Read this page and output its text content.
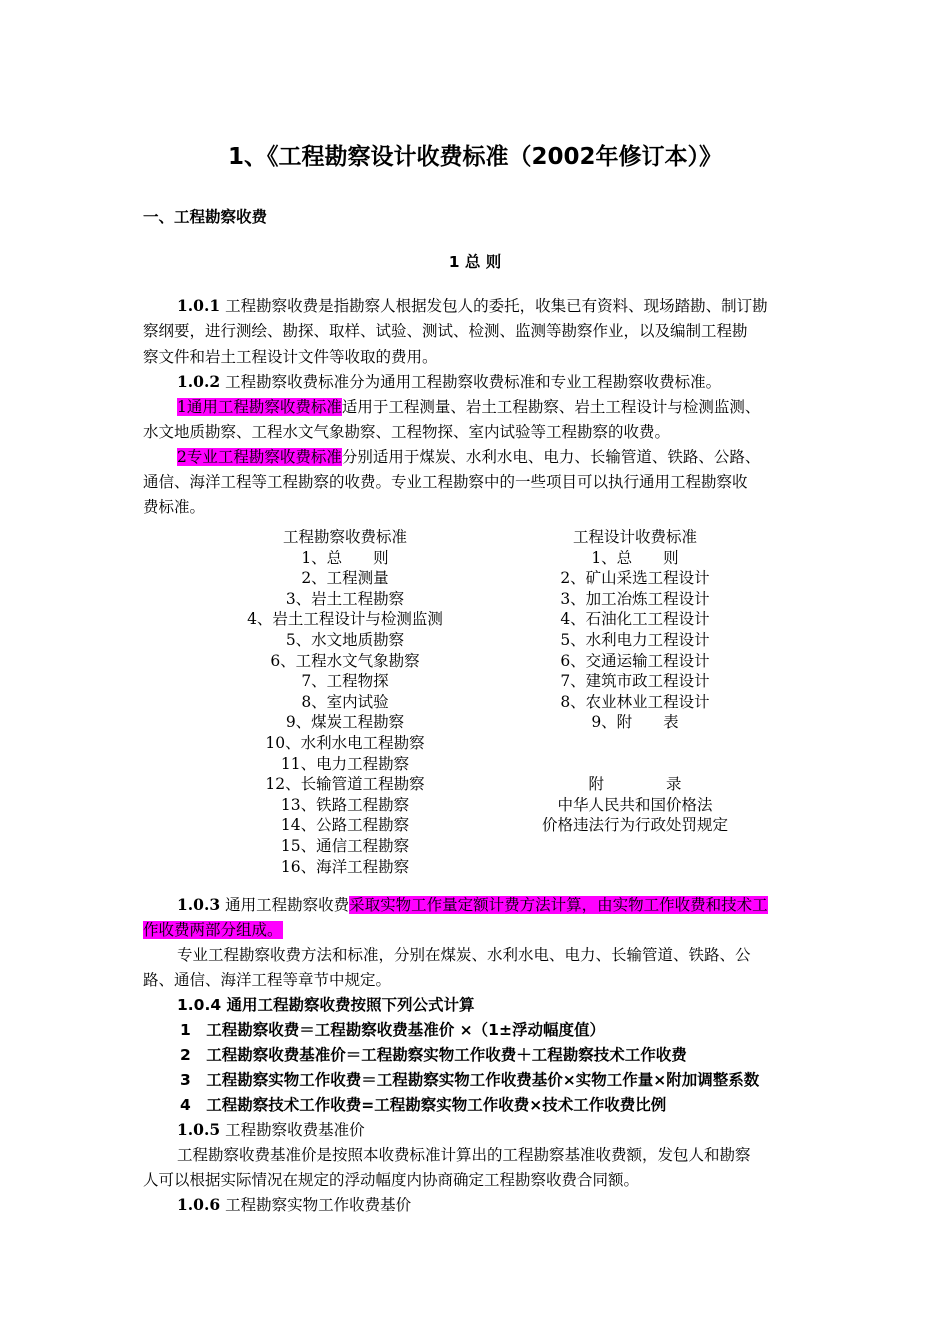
1、《工程勘察设计收费标准（2002年修订本）》
一、工程勘察收费
1 总 则
1.0.1 工程勘察收费是指勘察人根据发包人的委托，收集已有资料、现场踏勘、制订勘
察纲要，进行测绘、勘探、取样、试验、测试、检测、监测等勘察作业，以及编制工程勘
察文件和岩土工程设计文件等收取的费用。
1.0.2 工程勘察收费标准分为通用工程勘察收费标准和专业工程勘察收费标准。
1通用工程勘察收费标准适用于工程测量、岩土工程勘察、岩土工程设计与检测监测、
水文地质勘察、工程水文气象勘察、工程物探、室内试验等工程勘察的收费。
2专业工程勘察收费标准分别适用于煤炭、水利水电、电力、长输管道、铁路、公路、
通信、海洋工程等工程勘察的收费。专业工程勘察中的一些项目可以执行通用工程勘察收
费标准。
工程勘察收费标准
1、总　　则
2、工程测量
3、岩土工程勘察
4、岩土工程设计与检测监测
5、水文地质勘察
6、工程水文气象勘察
7、工程物探
8、室内试验
9、煤炭工程勘察
10、水利水电工程勘察
11、电力工程勘察
12、长输管道工程勘察
13、铁路工程勘察
14、公路工程勘察
15、通信工程勘察
16、海洋工程勘察
工程设计收费标准
1、总　　则
2、矿山采选工程设计
3、加工冶炼工程设计
4、石油化工工程设计
5、水利电力工程设计
6、交通运输工程设计
7、建筑市政工程设计
8、农业林业工程设计
9、附　　表

附　　　　录
中华人民共和国价格法
价格违法行为行政处罚规定
1.0.3 通用工程勘察收费采取实物工作量定额计费方法计算，由实物工作收费和技术工
作收费两部分组成。
专业工程勘察收费方法和标准，分别在煤炭、水利水电、电力、长输管道、铁路、公
路、通信、海洋工程等章节中规定。
1.0.4 通用工程勘察收费按照下列公式计算
1　工程勘察收费＝工程勘察收费基准价 ×（1±浮动幅度值）
2　工程勘察收费基准价＝工程勘察实物工作收费＋工程勘察技术工作收费
3　工程勘察实物工作收费＝工程勘察实物工作收费基价×实物工作量×附加调整系数
4　工程勘察技术工作收费=工程勘察实物工作收费×技术工作收费比例
1.0.5 工程勘察收费基准价
工程勘察收费基准价是按照本收费标准计算出的工程勘察基准收费额，发包人和勘察
人可以根据实际情况在规定的浮动幅度内协商确定工程勘察收费合同额。
1.0.6 工程勘察实物工作收费基价
